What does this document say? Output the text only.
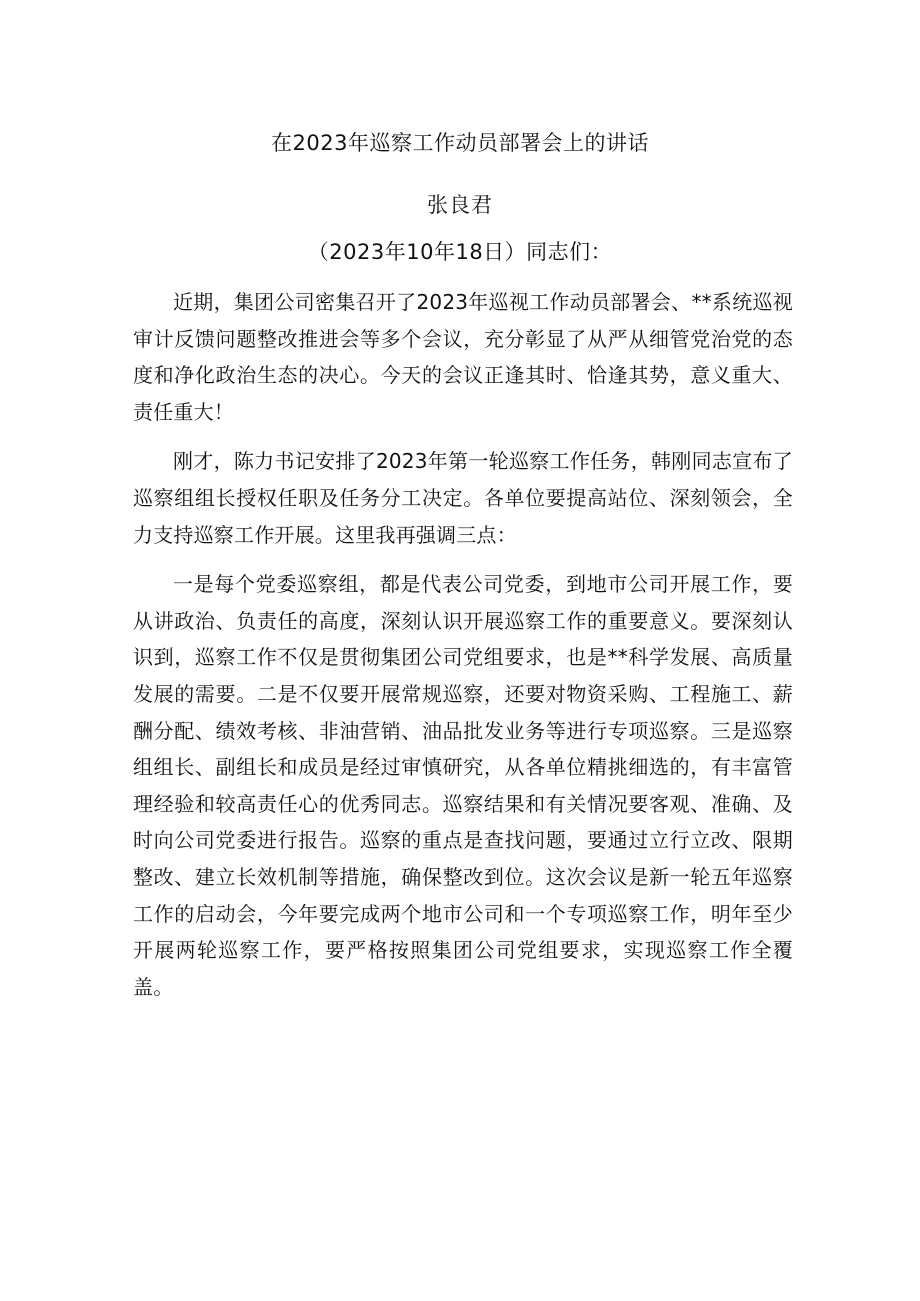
在2023年巡察工作动员部署会上的讲话
张良君
（2023年10年18日）同志们：

近期，集团公司密集召开了2023年巡视工作动员部署会、**系统巡视审计反馈问题整改推进会等多个会议，充分彰显了从严从细管党治党的态度和净化政治生态的决心。今天的会议正逢其时、恰逢其势，意义重大、责任重大！

刚才，陈力书记安排了2023年第一轮巡察工作任务，韩刚同志宣布了巡察组组长授权任职及任务分工决定。各单位要提高站位、深刻领会，全力支持巡察工作开展。这里我再强调三点：

一是每个党委巡察组，都是代表公司党委，到地市公司开展工作，要从讲政治、负责任的高度，深刻认识开展巡察工作的重要意义。要深刻认识到，巡察工作不仅是贯彻集团公司党组要求，也是**科学发展、高质量发展的需要。二是不仅要开展常规巡察，还要对物资采购、工程施工、薪酬分配、绩效考核、非油营销、油品批发业务等进行专项巡察。三是巡察组组长、副组长和成员是经过审慎研究，从各单位精挑细选的，有丰富管理经验和较高责任心的优秀同志。巡察结果和有关情况要客观、准确、及时向公司党委进行报告。巡察的重点是查找问题，要通过立行立改、限期整改、建立长效机制等措施，确保整改到位。这次会议是新一轮五年巡察工作的启动会，今年要完成两个地市公司和一个专项巡察工作，明年至少开展两轮巡察工作，要严格按照集团公司党组要求，实现巡察工作全覆盖。
